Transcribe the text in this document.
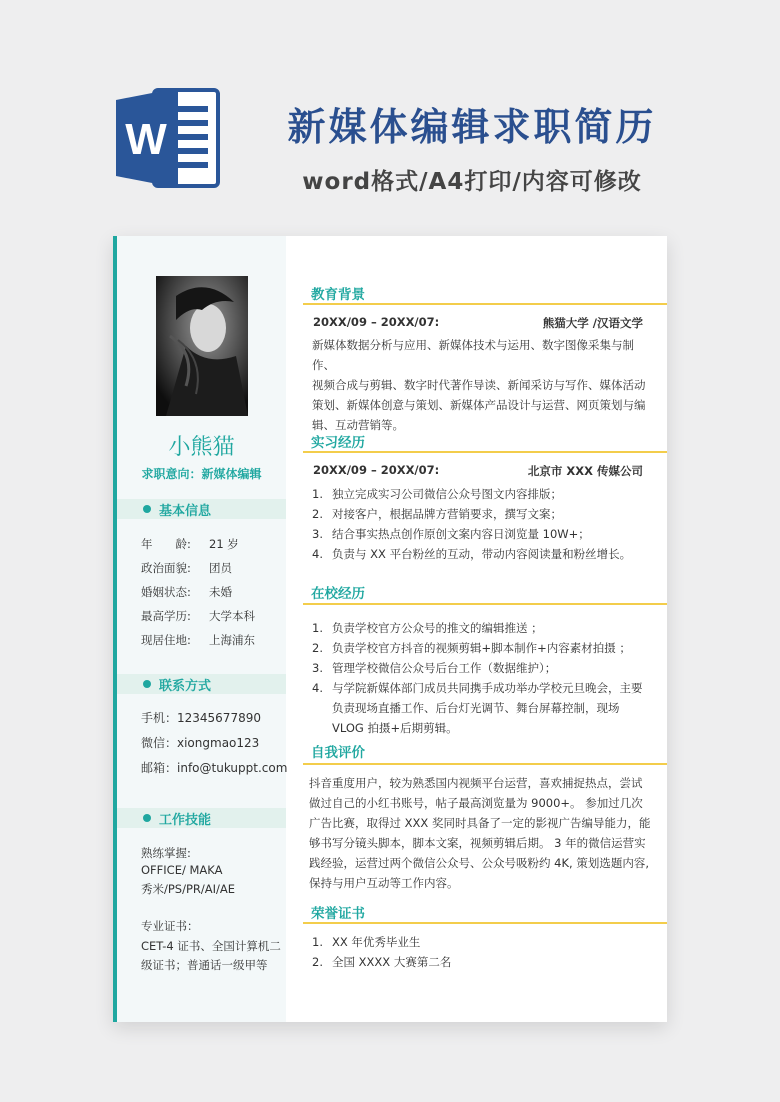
W	新媒体编辑求职简历
word格式/A4打印/内容可修改
小熊猫
求职意向：新媒体编辑
基本信息
年　　龄: 21 岁
政治面貌: 团员
婚姻状态: 未婚
最高学历: 大学本科
现居住地: 上海浦东
联系方式
手机：12345677890
微信：xiongmao123
邮箱：info@tukuppt.com
工作技能
熟练掌握:
OFFICE/ MAKA
秀米/PS/PR/AI/AE
专业证书：
CET-4 证书、全国计算机二
级证书；普通话一级甲等
教育背景
20XX/09 – 20XX/07:	熊猫大学 /汉语文学
新媒体数据分析与应用、新媒体技术与运用、数字图像采集与制作、
视频合成与剪辑、数字时代著作导读、新闻采访与写作、媒体活动
策划、新媒体创意与策划、新媒体产品设计与运营、网页策划与编
辑、互动营销等。
实习经历
20XX/09 – 20XX/07:	北京市 XXX 传媒公司
1. 独立完成实习公司微信公众号图文内容排版；
2. 对接客户，根据品牌方营销要求，撰写文案；
3. 结合事实热点创作原创文案内容日浏览量 10W+；
4. 负责与 XX 平台粉丝的互动，带动内容阅读量和粉丝增长。
在校经历
1. 负责学校官方公众号的推文的编辑推送 ；
2. 负责学校官方抖音的视频剪辑+脚本制作+内容素材拍摄 ；
3. 管理学校微信公众号后台工作（数据维护）；
4. 与学院新媒体部门成员共同携手成功举办学校元旦晚会，主要负责现场直播工作、后台灯光调节、舞台屏幕控制，现场 VLOG 拍摄+后期剪辑。
自我评价
抖音重度用户，较为熟悉国内视频平台运营，喜欢捕捉热点，尝试
做过自己的小红书账号，帖子最高浏览量为 9000+。 参加过几次
广告比赛，取得过 XXX 奖同时具备了一定的影视广告编导能力，能
够书写分镜头脚本，脚本文案，视频剪辑后期。 3 年的微信运营实
践经验，运营过两个微信公众号、公众号吸粉约 4K, 策划选题内容,
保持与用户互动等工作内容。
荣誉证书
1. XX 年优秀毕业生
2. 全国 XXXX 大赛第二名
